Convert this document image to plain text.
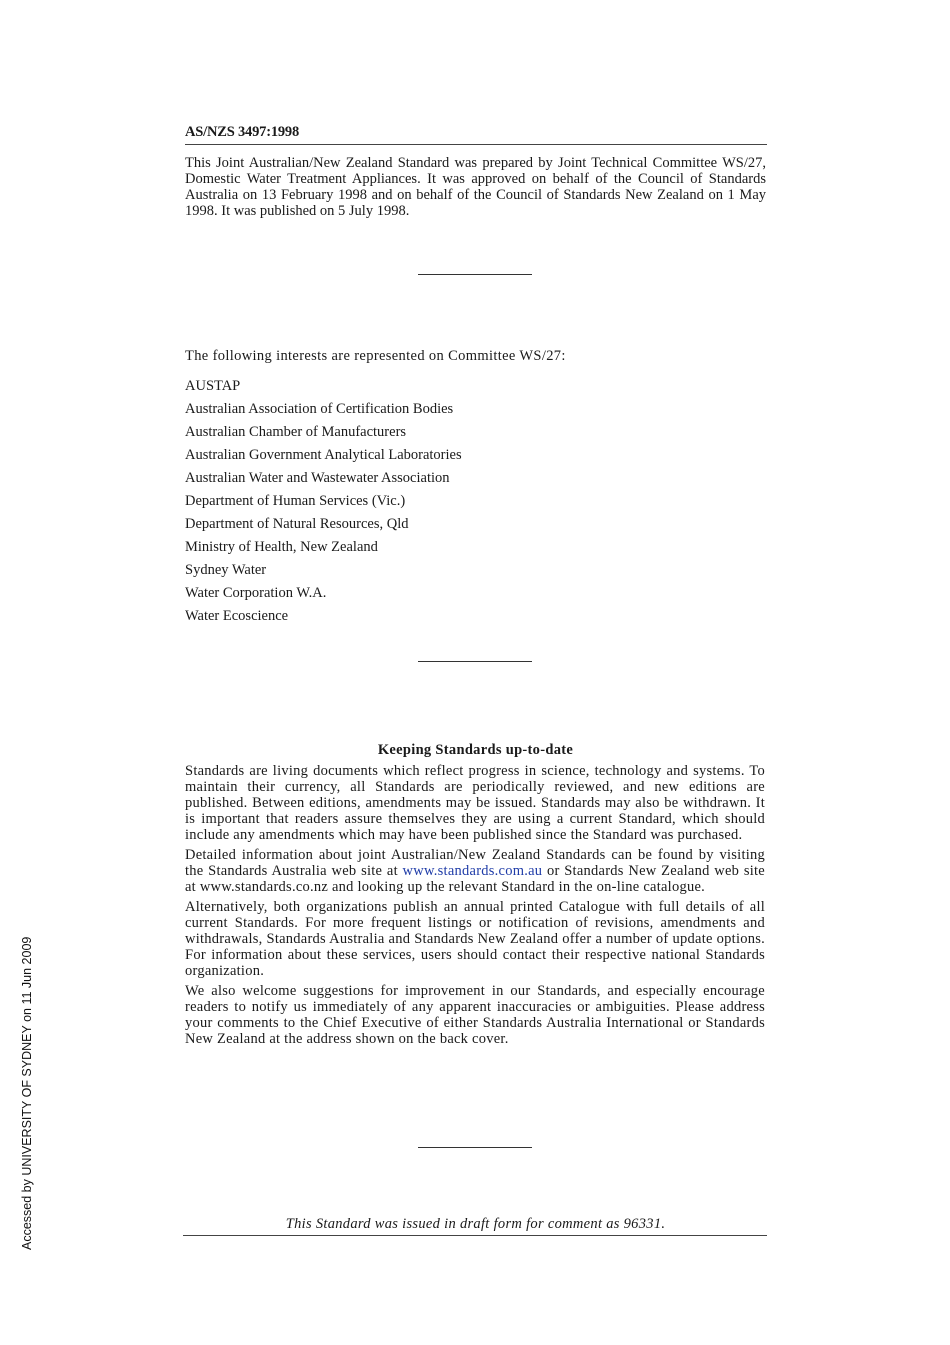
AS/NZS 3497:1998
This Joint Australian/New Zealand Standard was prepared by Joint Technical Committee WS/27, Domestic Water Treatment Appliances. It was approved on behalf of the Council of Standards Australia on 13 February 1998 and on behalf of the Council of Standards New Zealand on 1 May 1998. It was published on 5 July 1998.
The following interests are represented on Committee WS/27:
AUSTAP
Australian Association of Certification Bodies
Australian Chamber of Manufacturers
Australian Government Analytical Laboratories
Australian Water and Wastewater Association
Department of Human Services (Vic.)
Department of Natural Resources, Qld
Ministry of Health, New Zealand
Sydney Water
Water Corporation W.A.
Water Ecoscience
Keeping Standards up-to-date

Standards are living documents which reflect progress in science, technology and systems. To maintain their currency, all Standards are periodically reviewed, and new editions are published. Between editions, amendments may be issued. Standards may also be withdrawn. It is important that readers assure themselves they are using a current Standard, which should include any amendments which may have been published since the Standard was purchased.

Detailed information about joint Australian/New Zealand Standards can be found by visiting the Standards Australia web site at www.standards.com.au or Standards New Zealand web site at www.standards.co.nz and looking up the relevant Standard in the on-line catalogue.

Alternatively, both organizations publish an annual printed Catalogue with full details of all current Standards. For more frequent listings or notification of revisions, amendments and withdrawals, Standards Australia and Standards New Zealand offer a number of update options. For information about these services, users should contact their respective national Standards organization.

We also welcome suggestions for improvement in our Standards, and especially encourage readers to notify us immediately of any apparent inaccuracies or ambiguities. Please address your comments to the Chief Executive of either Standards Australia International or Standards New Zealand at the address shown on the back cover.

This Standard was issued in draft form for comment as 96331.
Accessed by UNIVERSITY OF SYDNEY on 11 Jun 2009
